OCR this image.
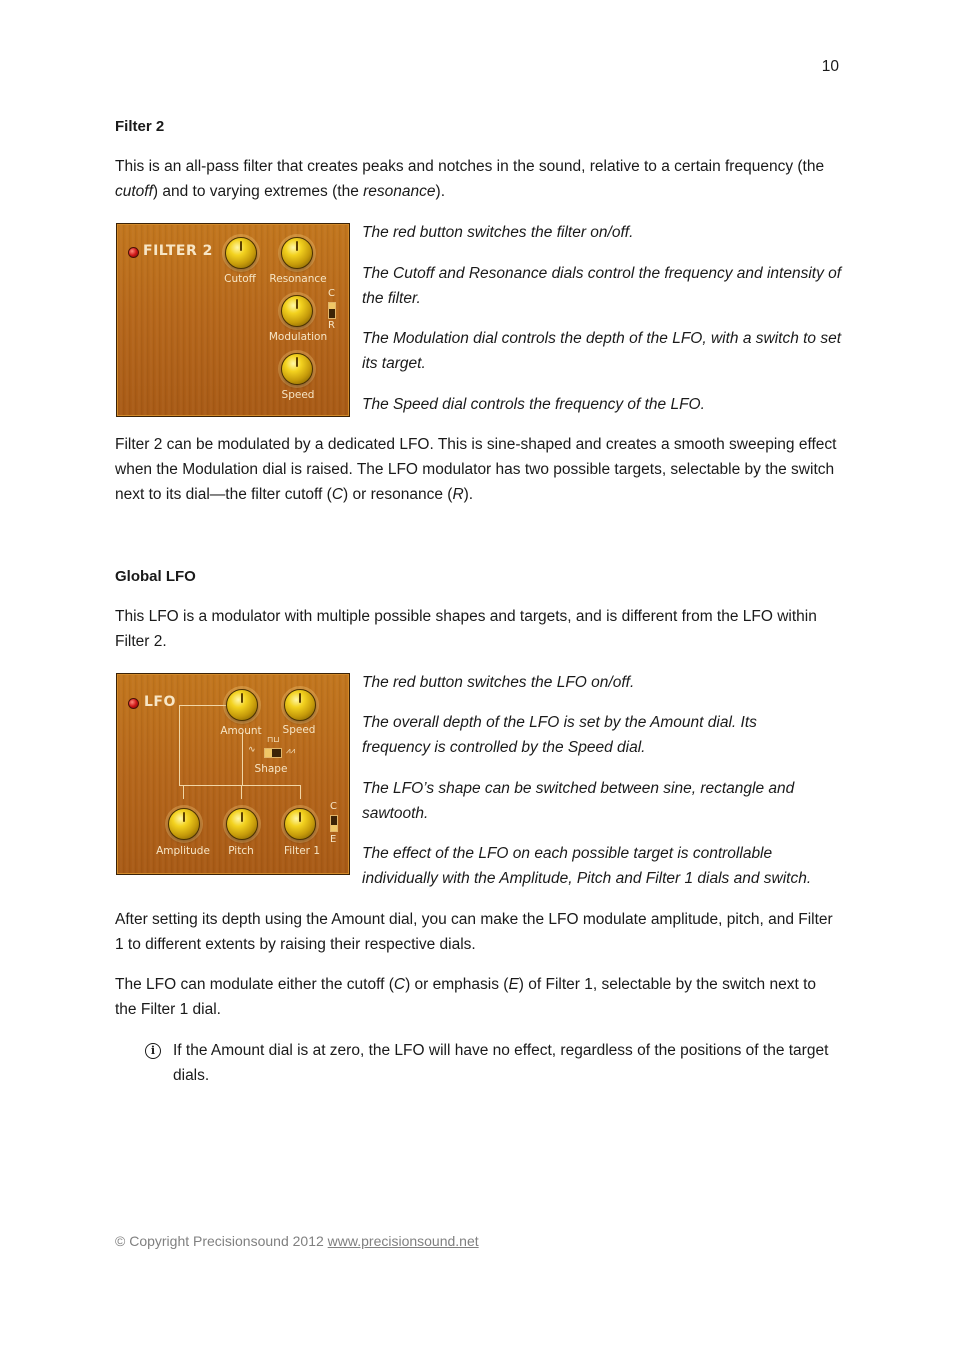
10
Filter 2
This is an all-pass filter that creates peaks and notches in the sound, relative to a certain frequency (the cutoff) and to varying extremes (the resonance).
FILTER 2
Cutoff	Resonance
Modulation
C
R
Speed
The red button switches the filter on/off.
The Cutoff and Resonance dials control the frequency and intensity of the filter.
The Modulation dial controls the depth of the LFO, with a switch to set its target.
The Speed dial controls the frequency of the LFO.
Filter 2 can be modulated by a dedicated LFO. This is sine-shaped and creates a smooth sweeping effect when the Modulation dial is raised. The LFO modulator has two possible targets, selectable by the switch next to its dial—the filter cutoff (C) or resonance (R).
Global LFO
This LFO is a modulator with multiple possible shapes and targets, and is different from the LFO within Filter 2.
LFO
Amount	Speed
∿
⊓⊔
⩘⩘
Shape
Amplitude	Pitch	Filter 1
C
E
The red button switches the LFO on/off.
The overall depth of the LFO is set by the Amount dial. Its frequency is controlled by the Speed dial.
The LFO’s shape can be switched between sine, rectangle and sawtooth.
The effect of the LFO on each possible target is controllable individually with the Amplitude, Pitch and Filter 1 dials and switch.
After setting its depth using the Amount dial, you can make the LFO modulate amplitude, pitch, and Filter 1 to different extents by raising their respective dials.
The LFO can modulate either the cutoff (C) or emphasis (E) of Filter 1, selectable by the switch next to the Filter 1 dial.
i	If the Amount dial is at zero, the LFO will have no effect, regardless of the positions of the target dials.
© Copyright Precisionsound 2012 www.precisionsound.net
